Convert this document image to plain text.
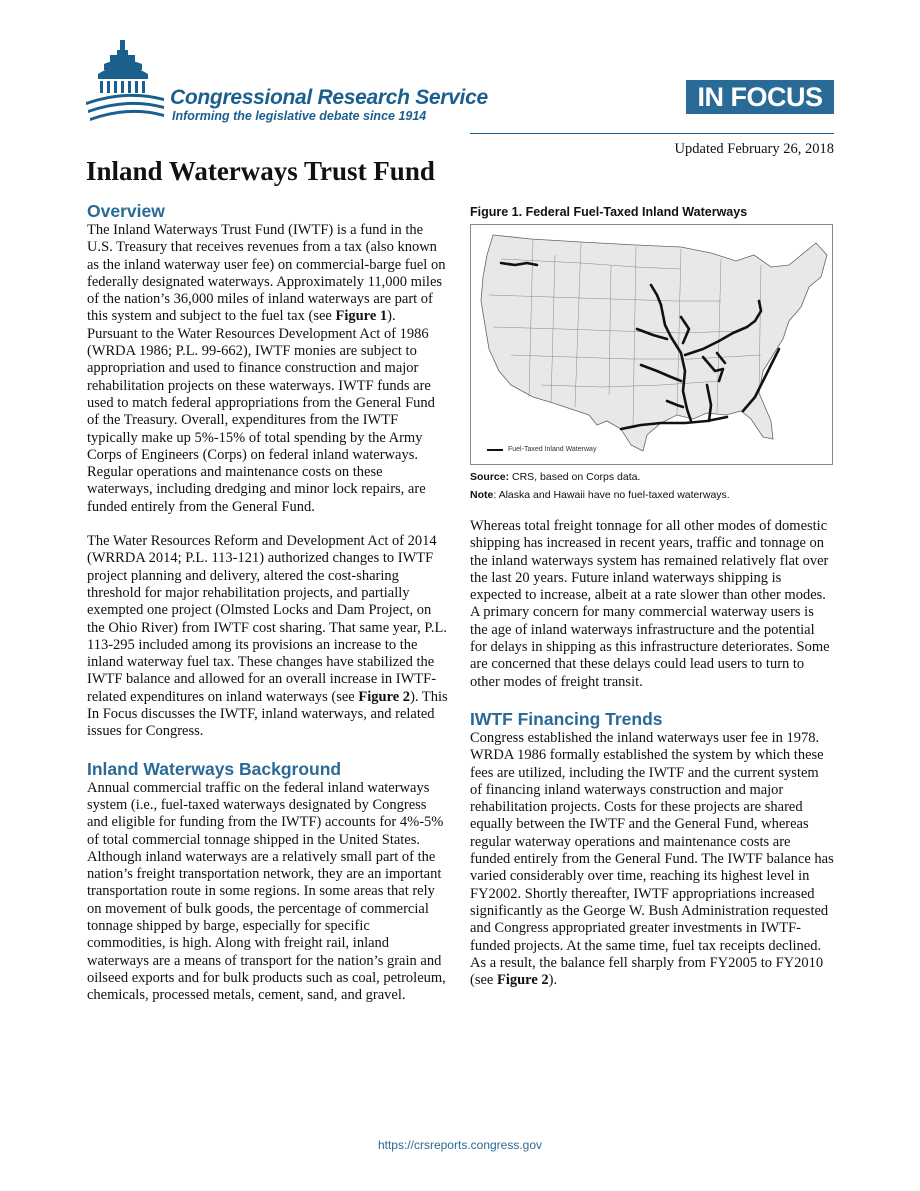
Congressional Research Service
Informing the legislative debate since 1914
IN FOCUS
Updated February 26, 2018
Inland Waterways Trust Fund
Overview

The Inland Waterways Trust Fund (IWTF) is a fund in the U.S. Treasury that receives revenues from a tax (also known as the inland waterway user fee) on commercial-barge fuel on federally designated waterways. Approximately 11,000 miles of the nation’s 36,000 miles of inland waterways are part of this system and subject to the fuel tax (see Figure 1). Pursuant to the Water Resources Development Act of 1986 (WRDA 1986; P.L. 99-662), IWTF monies are subject to appropriation and used to finance construction and major rehabilitation projects on these waterways. IWTF funds are used to match federal appropriations from the General Fund of the Treasury. Overall, expenditures from the IWTF typically make up 5%-15% of total spending by the Army Corps of Engineers (Corps) on federal inland waterways. Regular operations and maintenance costs on these waterways, including dredging and minor lock repairs, are funded entirely from the General Fund.

The Water Resources Reform and Development Act of 2014 (WRRDA 2014; P.L. 113-121) authorized changes to IWTF project planning and delivery, altered the cost-sharing threshold for major rehabilitation projects, and partially exempted one project (Olmsted Locks and Dam Project, on the Ohio River) from IWTF cost sharing. That same year, P.L. 113-295 included among its provisions an increase to the inland waterway fuel tax. These changes have stabilized the IWTF balance and allowed for an overall increase in IWTF-related expenditures on inland waterways (see Figure 2). This In Focus discusses the IWTF, inland waterways, and related issues for Congress.

Inland Waterways Background

Annual commercial traffic on the federal inland waterways system (i.e., fuel-taxed waterways designated by Congress and eligible for funding from the IWTF) accounts for 4%-5% of total commercial tonnage shipped in the United States. Although inland waterways are a relatively small part of the nation’s freight transportation network, they are an important transportation route in some regions. In some areas that rely on movement of bulk goods, the percentage of commercial tonnage shipped by barge, especially for specific commodities, is high. Along with freight rail, inland waterways are a means of transport for the nation’s grain and oilseed exports and for bulk products such as coal, petroleum, chemicals, processed metals, cement, sand, and gravel.

Figure 1. Federal Fuel-Taxed Inland Waterways
Fuel-Taxed Inland Waterway
Source: CRS, based on Corps data.
Note: Alaska and Hawaii have no fuel-taxed waterways.

Whereas total freight tonnage for all other modes of domestic shipping has increased in recent years, traffic and tonnage on the inland waterways system has remained relatively flat over the last 20 years. Future inland waterways shipping is expected to increase, albeit at a rate slower than other modes. A primary concern for many commercial waterway users is the age of inland waterways infrastructure and the potential for delays in shipping as this infrastructure deteriorates. Some are concerned that these delays could lead users to turn to other modes of freight transit.

IWTF Financing Trends

Congress established the inland waterways user fee in 1978. WRDA 1986 formally established the system by which these fees are utilized, including the IWTF and the current system of financing inland waterways construction and major rehabilitation projects. Costs for these projects are shared equally between the IWTF and the General Fund, whereas regular waterway operations and maintenance costs are funded entirely from the General Fund. The IWTF balance has varied considerably over time, reaching its highest level in FY2002. Shortly thereafter, IWTF appropriations increased significantly as the George W. Bush Administration requested and Congress appropriated greater investments in IWTF-funded projects. At the same time, fuel tax receipts declined. As a result, the balance fell sharply from FY2005 to FY2010 (see Figure 2).

https://crsreports.congress.gov
